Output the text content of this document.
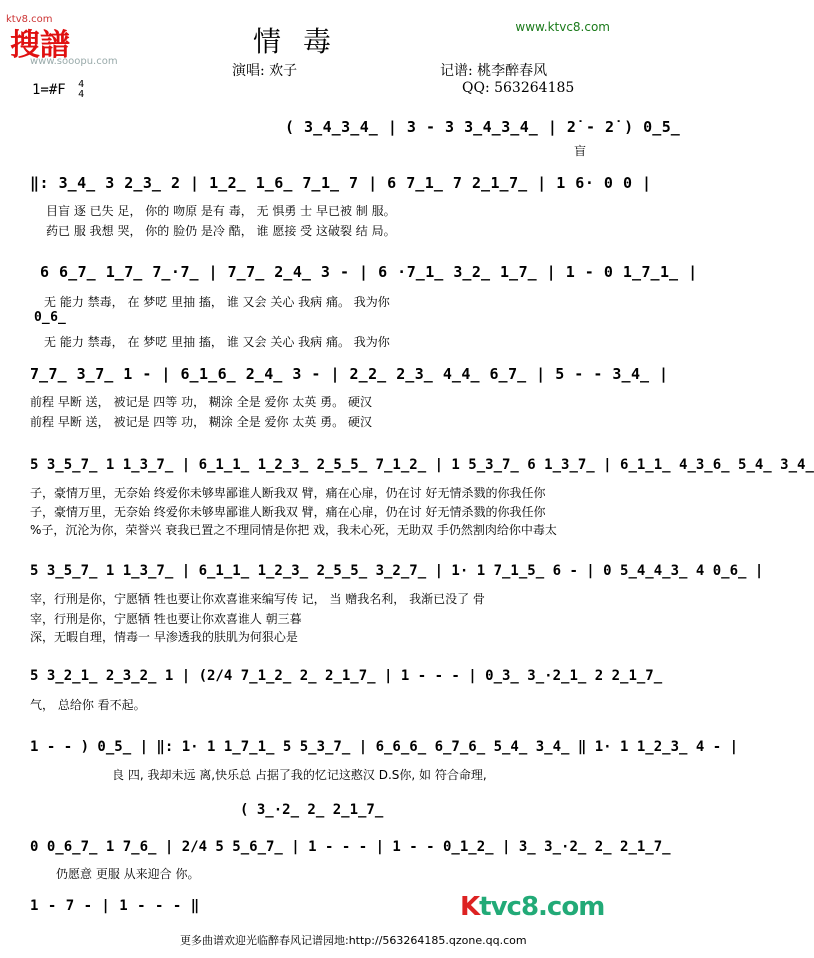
ktv8.com
搜譜
www.sooopu.com
情毒	www.ktvc8.com
演唱: 欢子	记谱: 桃李醉春风
QQ: 563264185
1=#F 4
4
( 3̲4̲3̲4̲ | 3 - 3 3̲4̲3̲4̲ | 2̇ - 2̇ ) 0̲5̲
盲
‖: 3̲4̲ 3 2̲3̲ 2 | 1̲2̲ 1̲6̲ 7̲1̲ 7 | 6 7̲1̲ 7 2̲1̲7̲ | 1 6· 0 0 |
目盲 逐 已失 足， 你的 吻原 是有 毒， 无 惧勇 士 早已被 制 服。
药已 服 我想 哭， 你的 脸仍 是冷 酷， 谁 愿接 受 这破裂 结 局。
6 6̲7̲ 1̲7̲ 7̲·7̲ | 7̲7̲ 2̲4̲ 3 - | 6 ·7̲1̲ 3̲2̲ 1̲7̲ | 1 - 0 1̲7̲1̲ |
无 能力 禁毒， 在 梦呓 里抽 搐， 谁 又会 关心 我病 痛。 我为你
0̲6̲
无 能力 禁毒， 在 梦呓 里抽 搐， 谁 又会 关心 我病 痛。 我为你
7̲7̲ 3̲7̲ 1 - | 6̲1̲6̲ 2̲4̲ 3 - | 2̲2̲ 2̲3̲ 4̲4̲ 6̲7̲ | 5 - - 3̲4̲ |
前程 早断 送， 被记是 四等 功， 糊涂 全是 爱你 太英 勇。 硬汉
前程 早断 送， 被记是 四等 功， 糊涂 全是 爱你 太英 勇。 硬汉
5 3̲5̲7̲ 1 1̲3̲7̲ | 6̲1̲1̲ 1̲2̲3̲ 2̲5̲5̲ 7̲1̲2̲ | 1 5̲3̲7̲ 6 1̲3̲7̲ | 6̲1̲1̲ 4̲3̲6̲ 5̲4̲ 3̲4̲
子，豪情万里，无奈始 终爱你未够卑鄙谁人断我双 臂，痛在心扉，仍在讨 好无情杀戮的你我任你
子，豪情万里，无奈始 终爱你未够卑鄙谁人断我双 臂，痛在心扉，仍在讨 好无情杀戮的你我任你
%子，沉沦为你，荣誉兴 衰我已置之不理同情是你把 戏，我未心死，无助双 手仍然割肉给你中毒太
5 3̲5̲7̲ 1 1̲3̲7̲ | 6̲1̲1̲ 1̲2̲3̲ 2̲5̲5̲ 3̲2̲7̲ | 1· 1 7̲1̲5̲ 6 - | 0 5̲4̲4̲3̲ 4 0̲6̲ |
宰，行刑是你，宁愿牺 牲也要让你欢喜谁来编写传 记， 当 赠我名利， 我渐已没了 骨
宰，行刑是你，宁愿牺 牲也要让你欢喜谁人 朝三暮
深，无暇自理，情毒一 早渗透我的肤肌为何狠心是
5 3̲2̲1̲ 2̲3̲2̲ 1 | (2/4 7̲1̲2̲ 2̲ 2̲1̲7̲ | 1 - - - | 0̲3̲ 3̲·2̲1̲ 2 2̲1̲7̲
气， 总给你 看不起。
1 - - ) 0̲5̲ | ‖: 1· 1 1̲7̲1̲ 5 5̲3̲7̲ | 6̲6̲6̲ 6̲7̲6̲ 5̲4̲ 3̲4̲ ‖ 1· 1 1̲2̲3̲ 4 - |
良 四, 我却未远 离,快乐总 占据了我的忆记这憨汉 D.S你, 如 符合命理,
( 3̲·2̲ 2̲ 2̲1̲7̲
0 0̲6̲7̲ 1 7̲6̲ | 2/4 5 5̲6̲7̲ | 1 - - - | 1 - - 0̲1̲2̲ | 3̲ 3̲·2̲ 2̲ 2̲1̲7̲
仍愿意 更服 从来迎合 你。
1 - 7 - | 1 - - - ‖	Ktvc8.com
更多曲谱欢迎光临醉春风记谱园地:http://563264185.qzone.qq.com
